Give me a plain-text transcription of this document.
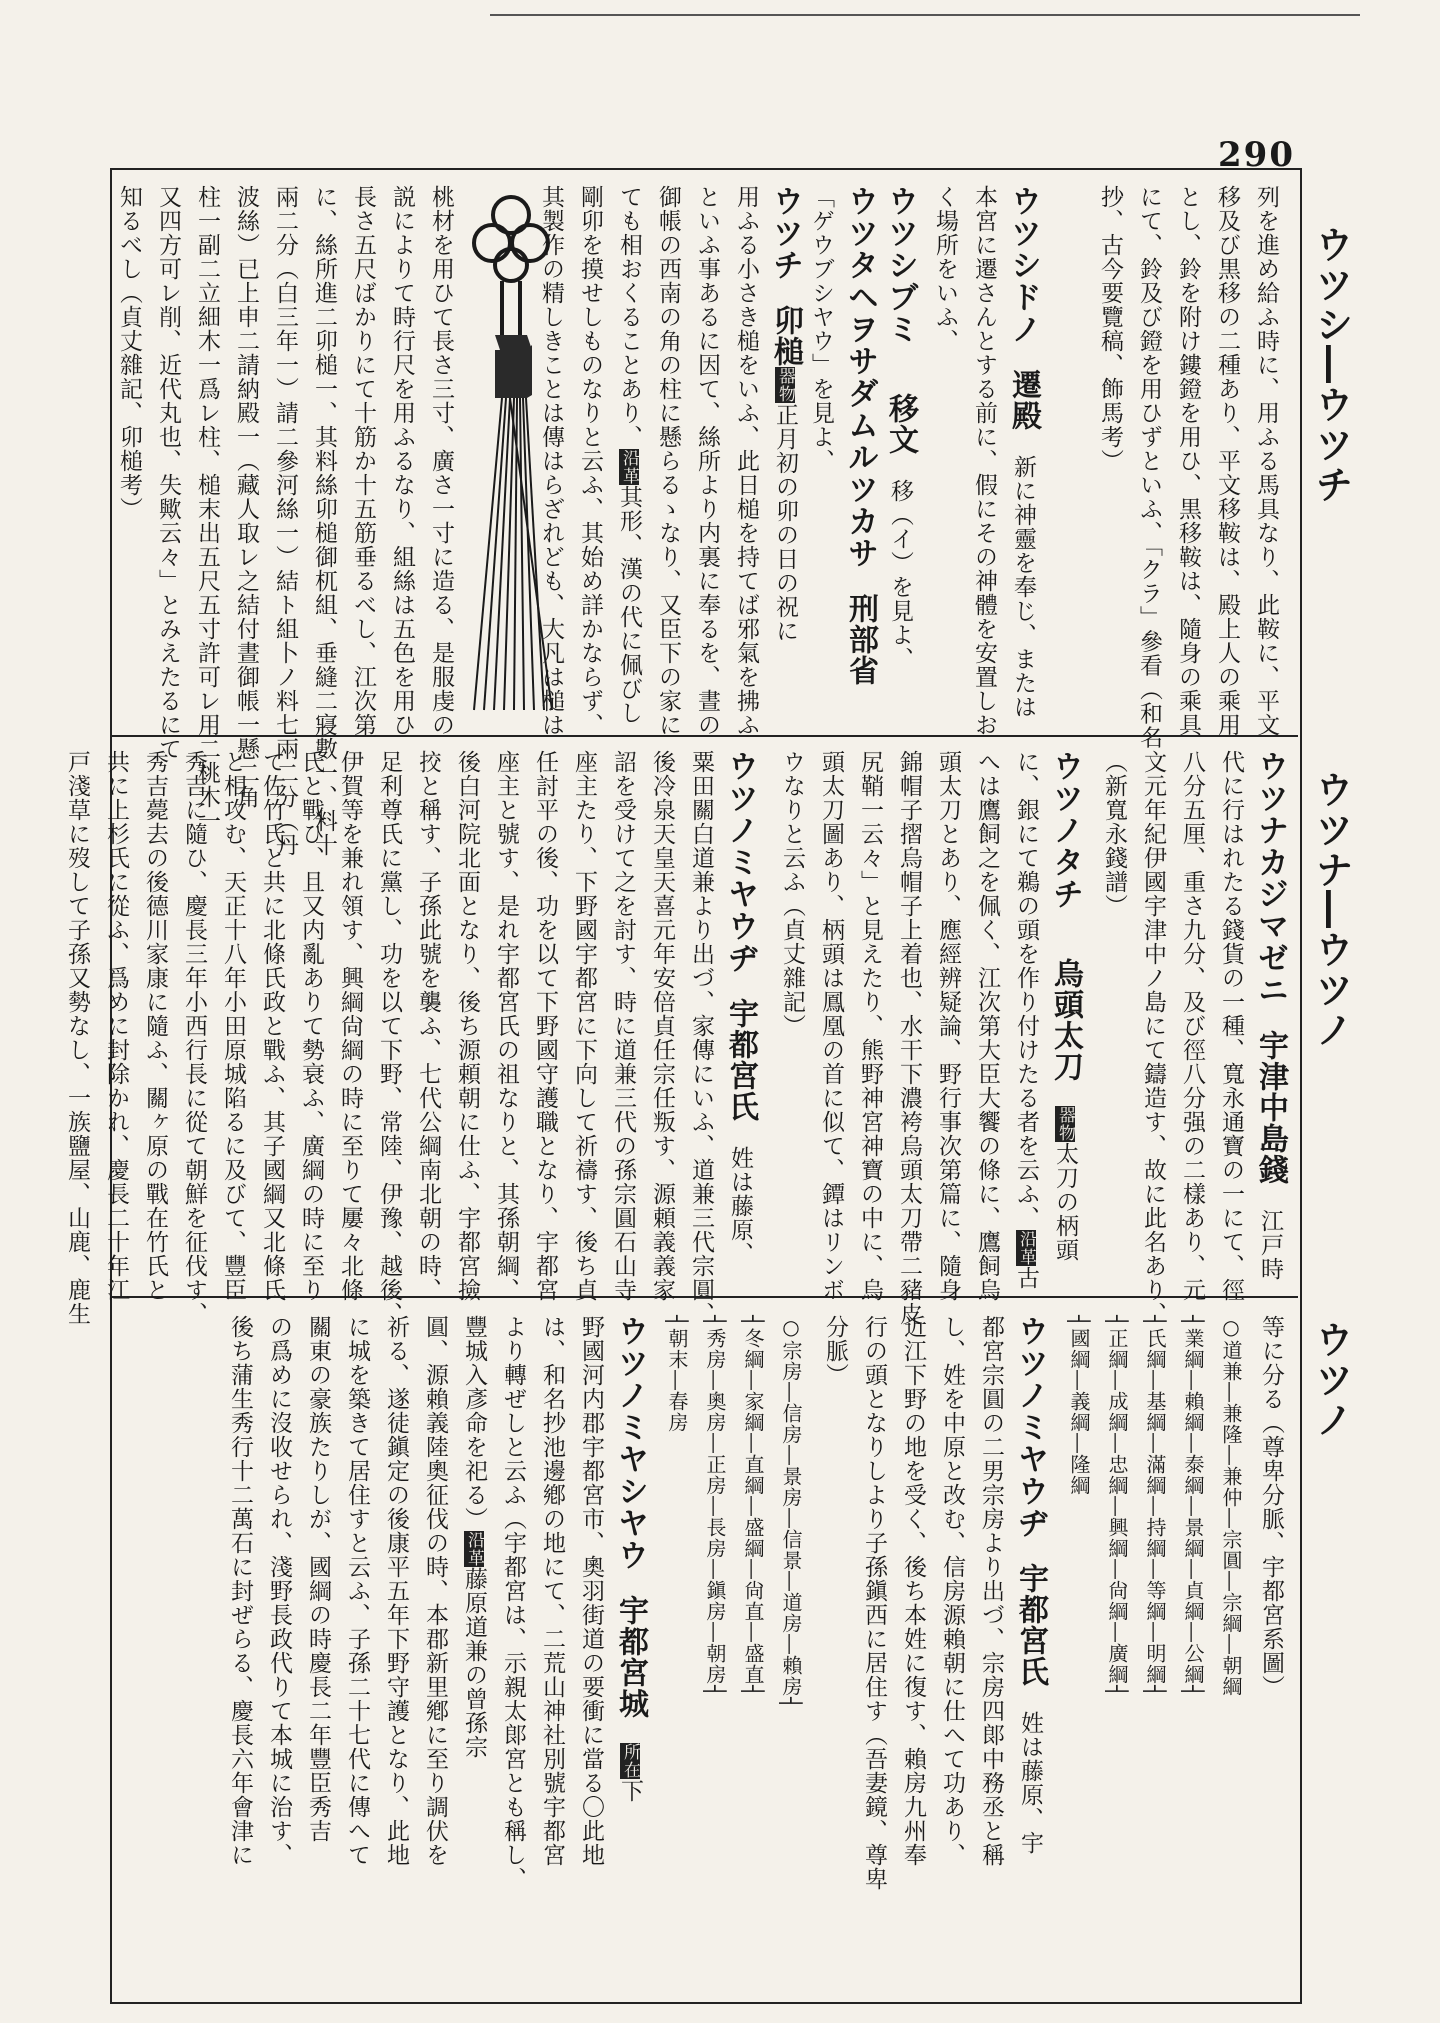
290
ウツシ―ウツチ
ウツナ―ウツノ
ウツノ
列を進め給ふ時に、用ふる馬具なり、此鞍に、平文
移及び黒移の二種あり、平文移鞍は、殿上人の乘用
とし、鈴を附け鏤鐙を用ひ、黒移鞍は、隨身の乘具
にて、鈴及び鐙を用ひずといふ、「クラ」參看（和名
抄、古今要覽稿、飾馬考）
ウツシドノ　遷殿　新に神靈を奉じ、または
本宮に遷さんとする前に、假にその神體を安置しお
く場所をいふ、
ウツシブミ　　移文　移（イ）を見よ、
ウツタヘヲサダムルツカサ　刑部省
「ゲウブシヤウ」を見よ、
ウツチ　卯槌器物正月初の卯の日の祝に
用ふる小さき槌をいふ、此日槌を持てば邪氣を拂ふ
といふ事あるに因て、絲所より内裏に奉るを、晝の
御帳の西南の角の柱に懸らるゝなり、又臣下の家に
ても相おくることあり、沿革其形、漢の代に佩びし
剛卯を摸せしものなりと云ふ、其始め詳かならず、
其製作の精しきことは傳はらざれども、大凡は槌は
桃材を用ひて長さ三寸、廣さ一寸に造る、是服虔の
説によりて時行尺を用ふるなり、組絲は五色を用ひ
長さ五尺ばかりにて十筋か十五筋垂るべし、江次第
に、絲所進二卯槌一、其料絲卯槌御杌組、垂縫二寢數一、料十
兩二分（白三年一）請二參河絲一）結ト組卜ノ料七兩二分（丹
波絲）已上申二請納殿一（藏人取レ之結付晝御帳一懸二角
柱一副二立細木一爲レ柱、槌末出五尺五寸許可レ用二桃木一
又四方可レ削、近代丸也、失歟云々」とみえたるにて
知るべし（貞丈雜記、卯槌考）
ウツナカジマゼニ　宇津中島錢　江戸時
代に行はれたる錢貨の一種、寬永通寶の一にて、徑
八分五厘、重さ九分、及び徑八分强の二樣あり、元
文元年紀伊國宇津中ノ島にて鑄造す、故に此名あり、
（新寬永錢譜）
ウツノタチ　　烏頭太刀　器物太刀の柄頭
に、銀にて鵜の頭を作り付けたる者を云ふ、沿革古
へは鷹飼之を佩く、江次第大臣大饗の條に、鷹飼烏
頭太刀とあり、應經辨疑論、野行事次第篇に、隨身
錦帽子摺烏帽子上着也、水干下濃袴烏頭太刀帶二豬皮
尻鞘一云々」と見えたり、熊野神宮神寶の中に、烏
頭太刀圖あり、柄頭は鳳凰の首に似て、鐔はリンボ
ウなりと云ふ（貞丈雜記）
ウツノミヤウヂ　宇都宮氏　姓は藤原、
粟田關白道兼より出づ、家傳にいふ、道兼三代宗圓、
後冷泉天皇天喜元年安倍貞任宗任叛す、源頼義義家
詔を受けて之を討す、時に道兼三代の孫宗圓石山寺
座主たり、下野國宇都宮に下向して祈禱す、後ち貞
任討平の後、功を以て下野國守護職となり、宇都宮
座主と號す、是れ宇都宮氏の祖なりと、其孫朝綱、
後白河院北面となり、後ち源頼朝に仕ふ、宇都宮撿
挍と稱す、子孫此號を襲ふ、七代公綱南北朝の時、
足利尊氏に黨し、功を以て下野、常陸、伊豫、越後、
伊賀等を兼れ領す、興綱尙綱の時に至りて屢々北條
氏と戰ひ、且又内亂ありて勢衰ふ、廣綱の時に至り
て佐竹氏と共に北條氏政と戰ふ、其子國綱又北條氏
と相攻む、天正十八年小田原城陷るに及びて、豐臣
秀吉に隨ひ、慶長三年小西行長に從て朝鮮を征伐す、
秀吉薨去の後德川家康に隨ふ、關ヶ原の戰在竹氏と
共に上杉氏に從ふ、爲めに封除かれ、慶長二十年江
戸淺草に歿して子孫又勢なし、一族鹽屋、山鹿、鹿生
等に分る（尊卑分脈、宇都宮系圖）
○道兼―兼隆―兼仲―宗圓―宗綱―朝綱
┤業綱―賴綱―泰綱―景綱―貞綱―公綱┤
┤氏綱―基綱―滿綱―持綱―等綱―明綱┤
┤正綱―成綱―忠綱―興綱―尙綱―廣綱┤
┤國綱―義綱―隆綱
ウツノミヤウヂ　宇都宮氏　姓は藤原、宇
都宮宗圓の二男宗房より出づ、宗房四郞中務丞と稱
し、姓を中原と改む、信房源賴朝に仕へて功あり、
近江下野の地を受く、後ち本姓に復す、賴房九州奉
行の頭となりしより子孫鎭西に居住す（吾妻鏡、尊卑
分脈）
○宗房―信房―景房―信景―道房―賴房┤
┤冬綱―家綱―直綱―盛綱―尙直―盛直┤
┤秀房―奧房―正房―長房―鎭房―朝房┤
┤朝末―春房
ウツノミヤシヤウ　宇都宮城　所在下
野國河内郡宇都宮市、奧羽街道の要衝に當る〇此地
は、和名抄池邊鄕の地にて、二荒山神社別號宇都宮
より轉ぜしと云ふ（宇都宮は、示親太郞宮とも稱し、
豐城入彥命を祀る）沿革藤原道兼の曾孫宗
圓、源賴義陸奧征伐の時、本郡新里鄕に至り調伏を
祈る、遂徒鎭定の後康平五年下野守護となり、此地
に城を築きて居住すと云ふ、子孫二十七代に傳へて
關東の豪族たりしが、國綱の時慶長二年豐臣秀吉
の爲めに沒收せられ、淺野長政代りて本城に治す、
後ち蒲生秀行十二萬石に封ぜらる、慶長六年會津に
